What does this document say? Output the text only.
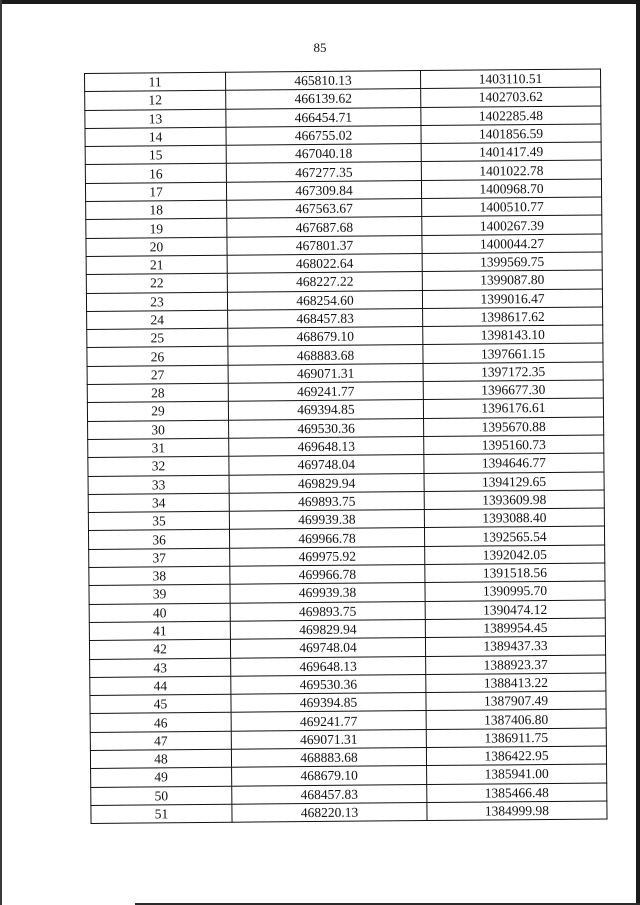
85
11	465810.13	1403110.51
12	466139.62	1402703.62
13	466454.71	1402285.48
14	466755.02	1401856.59
15	467040.18	1401417.49
16	467277.35	1401022.78
17	467309.84	1400968.70
18	467563.67	1400510.77
19	467687.68	1400267.39
20	467801.37	1400044.27
21	468022.64	1399569.75
22	468227.22	1399087.80
23	468254.60	1399016.47
24	468457.83	1398617.62
25	468679.10	1398143.10
26	468883.68	1397661.15
27	469071.31	1397172.35
28	469241.77	1396677.30
29	469394.85	1396176.61
30	469530.36	1395670.88
31	469648.13	1395160.73
32	469748.04	1394646.77
33	469829.94	1394129.65
34	469893.75	1393609.98
35	469939.38	1393088.40
36	469966.78	1392565.54
37	469975.92	1392042.05
38	469966.78	1391518.56
39	469939.38	1390995.70
40	469893.75	1390474.12
41	469829.94	1389954.45
42	469748.04	1389437.33
43	469648.13	1388923.37
44	469530.36	1388413.22
45	469394.85	1387907.49
46	469241.77	1387406.80
47	469071.31	1386911.75
48	468883.68	1386422.95
49	468679.10	1385941.00
50	468457.83	1385466.48
51	468220.13	1384999.98
